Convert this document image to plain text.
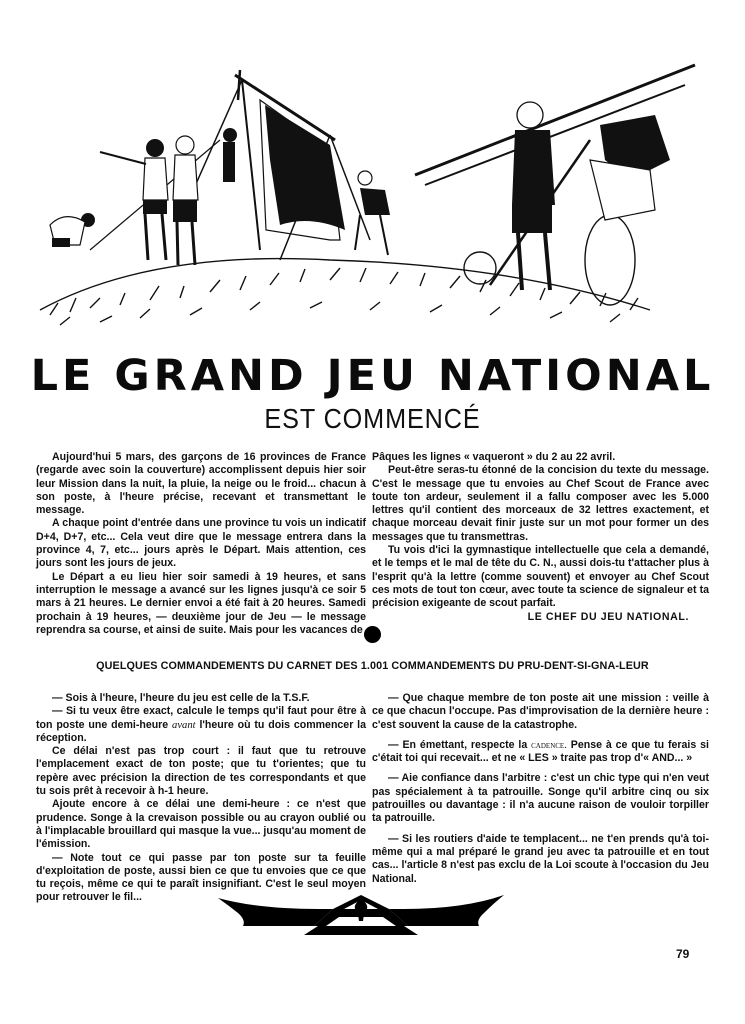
LE GRAND JEU NATIONAL
EST COMMENCÉ

Aujourd'hui 5 mars, des garçons de 16 provinces de France (regarde avec soin la couverture) accomplissent depuis hier soir leur Mission dans la nuit, la pluie, la neige ou le froid... chacun à son poste, à l'heure précise, recevant et transmettant le message.

A chaque point d'entrée dans une province tu vois un indicatif D+4, D+7, etc... Cela veut dire que le message entrera dans la province 4, 7, etc... jours après le Départ. Mais attention, ces jours sont les jours de jeux.

Le Départ a eu lieu hier soir samedi à 19 heures, et sans interruption le message a avancé sur les lignes jusqu'à ce soir 5 mars à 21 heures. Le dernier envoi a été fait à 20 heures. Samedi prochain à 19 heures, — deuxième jour de Jeu — le message reprendra sa course, et ainsi de suite. Mais pour les vacances de

Pâques les lignes « vaqueront » du 2 au 22 avril.

Peut-être seras-tu étonné de la concision du texte du message. C'est le message que tu envoies au Chef Scout de France avec toute ton ardeur, seulement il a fallu composer avec les 5.000 lettres qu'il contient des morceaux de 32 lettres exactement, et chaque morceau devait finir juste sur un mot pour former un des messages que tu transmettras.

Tu vois d'ici la gymnastique intellectuelle que cela a demandé, et le temps et le mal de tête du C. N., aussi dois-tu t'attacher plus à l'esprit qu'à la lettre (comme souvent) et envoyer au Chef Scout ces mots de tout ton cœur, avec toute ta science de signaleur et ta précision exigeante de scout parfait.

LE CHEF DU JEU NATIONAL.

QUELQUES COMMANDEMENTS DU CARNET DES 1.001 COMMANDEMENTS DU PRU-DENT-SI-GNA-LEUR

— Sois à l'heure, l'heure du jeu est celle de la T.S.F.

— Si tu veux être exact, calcule le temps qu'il faut pour être à ton poste une demi-heure avant l'heure où tu dois commencer la réception.

Ce délai n'est pas trop court : il faut que tu retrouve l'emplacement exact de ton poste; que tu t'orientes; que tu repère avec précision la direction de tes correspondants et que tu sois prêt à recevoir à h-1 heure.

Ajoute encore à ce délai une demi-heure : ce n'est que prudence. Songe à la crevaison possible ou au crayon oublié ou à l'implacable brouillard qui masque la vue... jusqu'au moment de l'émission.

— Note tout ce qui passe par ton poste sur ta feuille d'exploitation de poste, aussi bien ce que tu envoies que ce que tu reçois, même ce qui te paraît insignifiant. C'est le seul moyen pour retrouver le fil...

— Que chaque membre de ton poste ait une mission : veille à ce que chacun l'occupe. Pas d'improvisation de la dernière heure : c'est souvent la cause de la catastrophe.

— En émettant, respecte la cadence. Pense à ce que tu ferais si c'était toi qui recevait... et ne « LES » traite pas trop d'« AND... »

— Aie confiance dans l'arbitre : c'est un chic type qui n'en veut pas spécialement à ta patrouille. Songe qu'il arbitre cinq ou six patrouilles ou davantage : il n'a aucune raison de vouloir torpiller ta patrouille.

— Si les routiers d'aide te templacent... ne t'en prends qu'à toi-même qui a mal préparé le grand jeu avec ta patrouille et en tout cas... l'article 8 n'est pas exclu de la Loi scoute à l'occasion du Jeu National.

79
